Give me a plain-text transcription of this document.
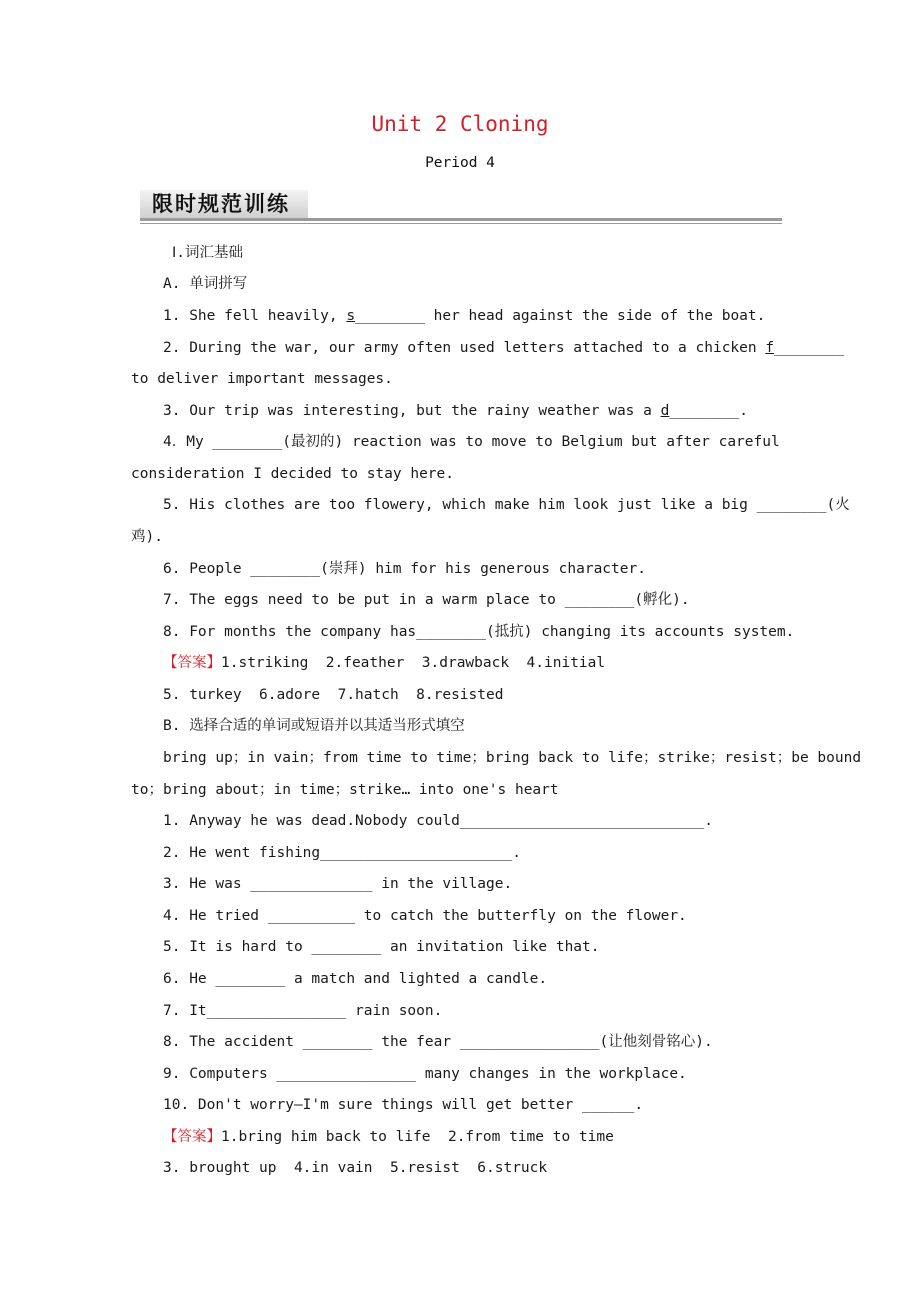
Unit 2 Cloning
Period 4
限时规范训练
Ⅰ.词汇基础
A. 单词拼写
1. She fell heavily, s________ her head against the side of the boat.
2. During the war, our army often used letters attached to a chicken f________
to deliver important messages.
3. Our trip was interesting, but the rainy weather was a d________.
4．My ________(最初的) reaction was to move to Belgium but after careful
consideration I decided to stay here.
5. His clothes are too flowery, which make him look just like a big ________(火
鸡).
6. People ________(崇拜) him for his generous character.
7. The eggs need to be put in a warm place to ________(孵化).
8. For months the company has________(抵抗) changing its accounts system.
【答案】1.striking  2.feather  3.drawback  4.initial
5. turkey  6.adore  7.hatch  8.resisted
B. 选择合适的单词或短语并以其适当形式填空
bring up；in vain；from time to time；bring back to life；strike；resist；be bound
to；bring about；in time；strike… into one's heart
1. Anyway he was dead.Nobody could____________________________.
2. He went fishing______________________.
3. He was ______________ in the village.
4. He tried __________ to catch the butterfly on the flower.
5. It is hard to ________ an invitation like that.
6. He ________ a match and lighted a candle.
7. It________________ rain soon.
8. The accident ________ the fear ________________(让他刻骨铭心).
9. Computers ________________ many changes in the workplace.
10. Don't worry—I'm sure things will get better ______.
【答案】1.bring him back to life  2.from time to time
3. brought up  4.in vain  5.resist  6.struck
